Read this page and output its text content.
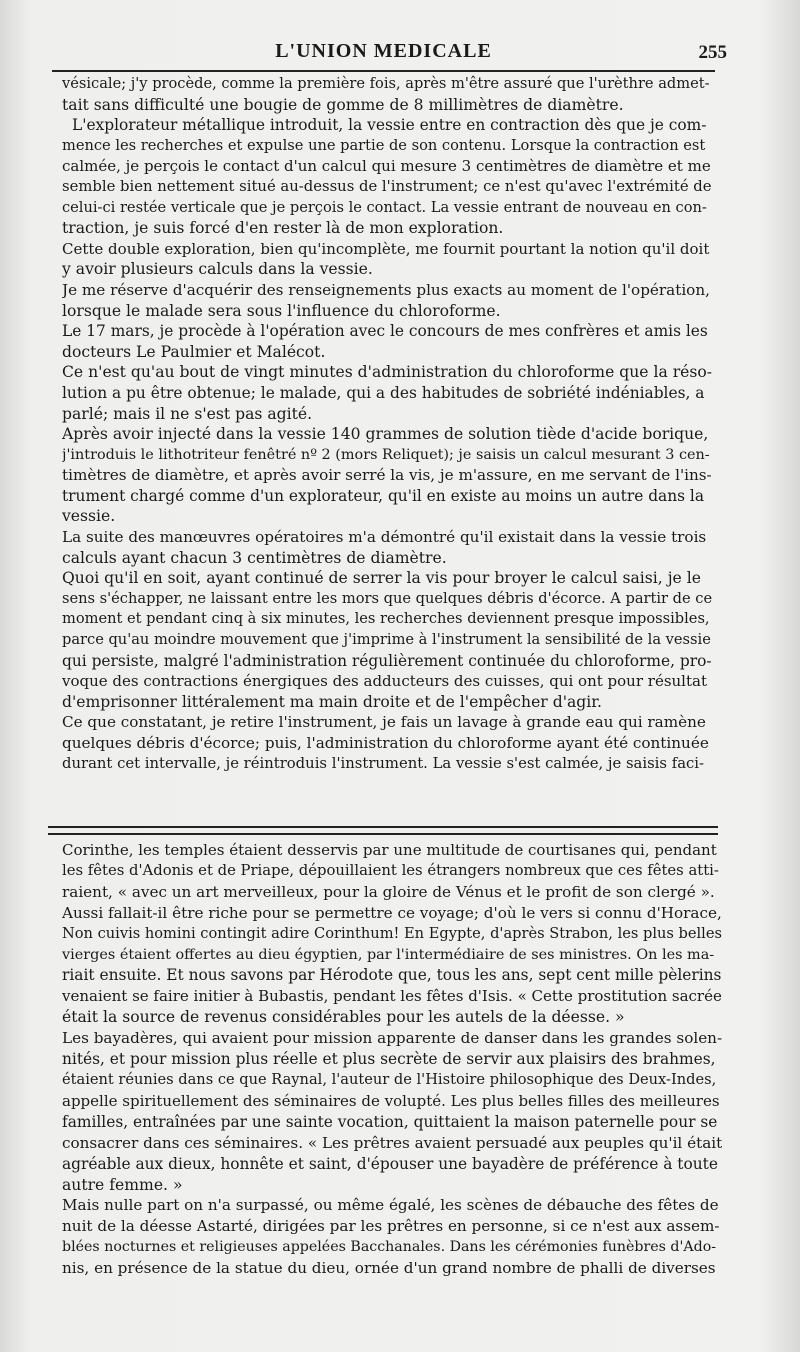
L'UNION MEDICALE	255
vésicale; j'y procède, comme la première fois, après m'être assuré que l'urèthre admet-
tait sans difficulté une bougie de gomme de 8 millimètres de diamètre.
L'explorateur métallique introduit, la vessie entre en contraction dès que je com-
mence les recherches et expulse une partie de son contenu. Lorsque la contraction est
calmée, je perçois le contact d'un calcul qui mesure 3 centimètres de diamètre et me
semble bien nettement situé au-dessus de l'instrument; ce n'est qu'avec l'extrémité de
celui-ci restée verticale que je perçois le contact. La vessie entrant de nouveau en con-
traction, je suis forcé d'en rester là de mon exploration.
Cette double exploration, bien qu'incomplète, me fournit pourtant la notion qu'il doit
y avoir plusieurs calculs dans la vessie.
Je me réserve d'acquérir des renseignements plus exacts au moment de l'opération,
lorsque le malade sera sous l'influence du chloroforme.
Le 17 mars, je procède à l'opération avec le concours de mes confrères et amis les
docteurs Le Paulmier et Malécot.
Ce n'est qu'au bout de vingt minutes d'administration du chloroforme que la réso-
lution a pu être obtenue; le malade, qui a des habitudes de sobriété indéniables, a
parlé; mais il ne s'est pas agité.
Après avoir injecté dans la vessie 140 grammes de solution tiède d'acide borique,
j'introduis le lithotriteur fenêtré nº 2 (mors Reliquet); je saisis un calcul mesurant 3 cen-
timètres de diamètre, et après avoir serré la vis, je m'assure, en me servant de l'ins-
trument chargé comme d'un explorateur, qu'il en existe au moins un autre dans la
vessie.
La suite des manœuvres opératoires m'a démontré qu'il existait dans la vessie trois
calculs ayant chacun 3 centimètres de diamètre.
Quoi qu'il en soit, ayant continué de serrer la vis pour broyer le calcul saisi, je le
sens s'échapper, ne laissant entre les mors que quelques débris d'écorce. A partir de ce
moment et pendant cinq à six minutes, les recherches deviennent presque impossibles,
parce qu'au moindre mouvement que j'imprime à l'instrument la sensibilité de la vessie
qui persiste, malgré l'administration régulièrement continuée du chloroforme, pro-
voque des contractions énergiques des adducteurs des cuisses, qui ont pour résultat
d'emprisonner littéralement ma main droite et de l'empêcher d'agir.
Ce que constatant, je retire l'instrument, je fais un lavage à grande eau qui ramène
quelques débris d'écorce; puis, l'administration du chloroforme ayant été continuée
durant cet intervalle, je réintroduis l'instrument. La vessie s'est calmée, je saisis faci-
Corinthe, les temples étaient desservis par une multitude de courtisanes qui, pendant
les fêtes d'Adonis et de Priape, dépouillaient les étrangers nombreux que ces fêtes atti-
raient, « avec un art merveilleux, pour la gloire de Vénus et le profit de son clergé ».
Aussi fallait-il être riche pour se permettre ce voyage; d'où le vers si connu d'Horace,
Non cuivis homini contingit adire Corinthum! En Egypte, d'après Strabon, les plus belles
vierges étaient offertes au dieu égyptien, par l'intermédiaire de ses ministres. On les ma-
riait ensuite. Et nous savons par Hérodote que, tous les ans, sept cent mille pèlerins
venaient se faire initier à Bubastis, pendant les fêtes d'Isis. « Cette prostitution sacrée
était la source de revenus considérables pour les autels de la déesse. »
Les bayadères, qui avaient pour mission apparente de danser dans les grandes solen-
nités, et pour mission plus réelle et plus secrète de servir aux plaisirs des brahmes,
étaient réunies dans ce que Raynal, l'auteur de l'Histoire philosophique des Deux-Indes,
appelle spirituellement des séminaires de volupté. Les plus belles filles des meilleures
familles, entraînées par une sainte vocation, quittaient la maison paternelle pour se
consacrer dans ces séminaires. « Les prêtres avaient persuadé aux peuples qu'il était
agréable aux dieux, honnête et saint, d'épouser une bayadère de préférence à toute
autre femme. »
Mais nulle part on n'a surpassé, ou même égalé, les scènes de débauche des fêtes de
nuit de la déesse Astarté, dirigées par les prêtres en personne, si ce n'est aux assem-
blées nocturnes et religieuses appelées Bacchanales. Dans les cérémonies funèbres d'Ado-
nis, en présence de la statue du dieu, ornée d'un grand nombre de phalli de diverses
